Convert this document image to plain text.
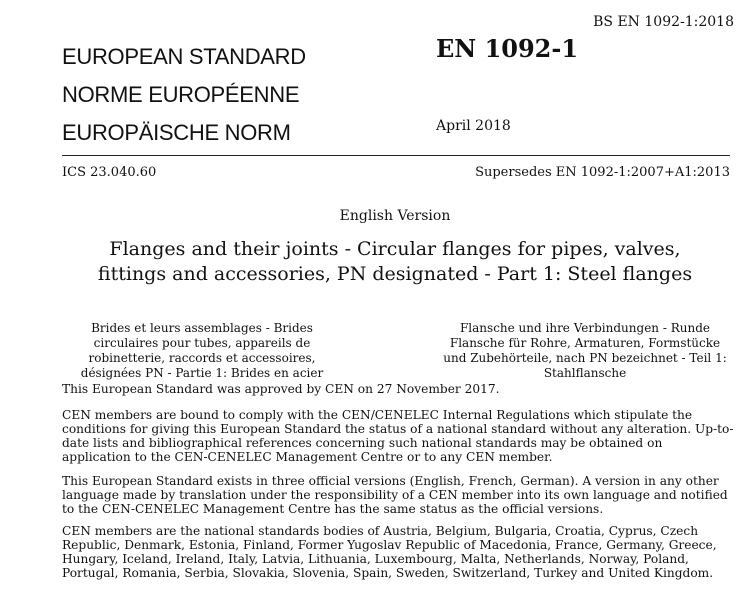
BS EN 1092-1:2018
EUROPEAN STANDARD
NORME EUROPÉENNE
EUROPÄISCHE NORM
EN 1092-1
April 2018
ICS 23.040.60	Supersedes EN 1092-1:2007+A1:2013
English Version
Flanges and their joints - Circular flanges for pipes, valves, fittings and accessories, PN designated - Part 1: Steel flanges
Brides et leurs assemblages - Brides circulaires pour tubes, appareils de robinetterie, raccords et accessoires, désignées PN - Partie 1: Brides en acier
Flansche und ihre Verbindungen - Runde Flansche für Rohre, Armaturen, Formstücke und Zubehörteile, nach PN bezeichnet - Teil 1: Stahlflansche
This European Standard was approved by CEN on 27 November 2017.
CEN members are bound to comply with the CEN/CENELEC Internal Regulations which stipulate the conditions for giving this European Standard the status of a national standard without any alteration. Up-to-date lists and bibliographical references concerning such national standards may be obtained on application to the CEN-CENELEC Management Centre or to any CEN member.
This European Standard exists in three official versions (English, French, German). A version in any other language made by translation under the responsibility of a CEN member into its own language and notified to the CEN-CENELEC Management Centre has the same status as the official versions.
CEN members are the national standards bodies of Austria, Belgium, Bulgaria, Croatia, Cyprus, Czech Republic, Denmark, Estonia, Finland, Former Yugoslav Republic of Macedonia, France, Germany, Greece, Hungary, Iceland, Ireland, Italy, Latvia, Lithuania, Luxembourg, Malta, Netherlands, Norway, Poland, Portugal, Romania, Serbia, Slovakia, Slovenia, Spain, Sweden, Switzerland, Turkey and United Kingdom.
